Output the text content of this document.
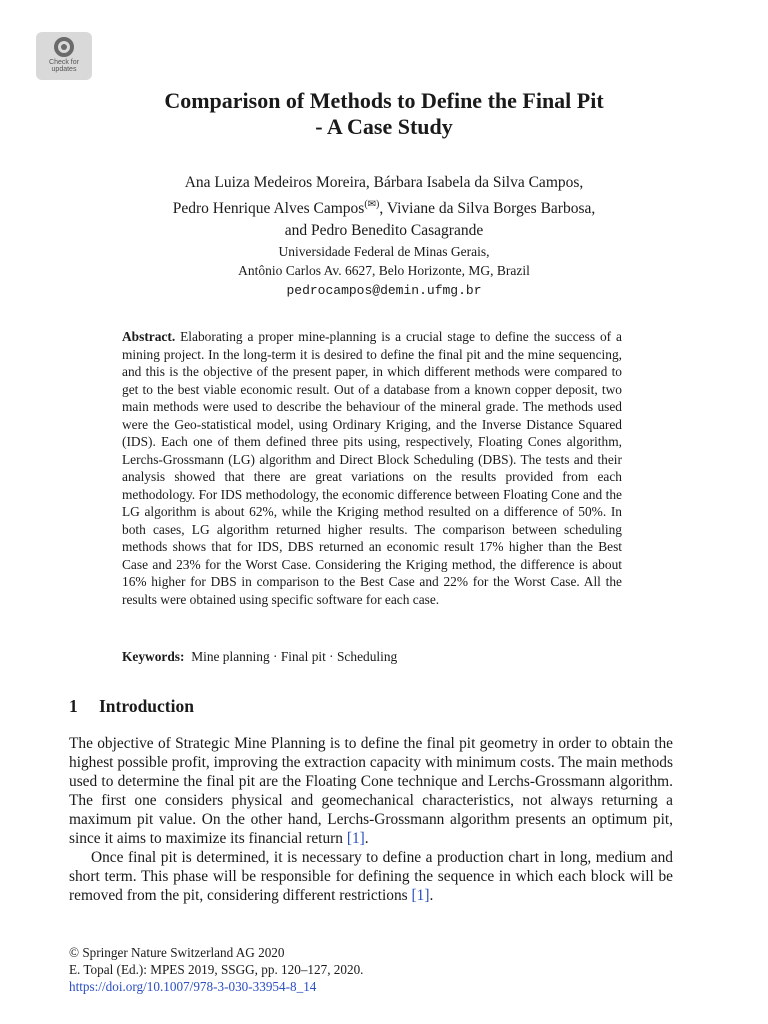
Check for
updates
Comparison of Methods to Define the Final Pit
- A Case Study
Ana Luiza Medeiros Moreira, Bárbara Isabela da Silva Campos,
Pedro Henrique Alves Campos(✉), Viviane da Silva Borges Barbosa,
and Pedro Benedito Casagrande
Universidade Federal de Minas Gerais,
Antônio Carlos Av. 6627, Belo Horizonte, MG, Brazil
pedrocampos@demin.ufmg.br
Abstract. Elaborating a proper mine-planning is a crucial stage to define the success of a mining project. In the long-term it is desired to define the final pit and the mine sequencing, and this is the objective of the present paper, in which different methods were compared to get to the best viable economic result. Out of a database from a known copper deposit, two main methods were used to describe the behaviour of the mineral grade. The methods used were the Geo-statistical model, using Ordinary Kriging, and the Inverse Distance Squared (IDS). Each one of them defined three pits using, respectively, Floating Cones algorithm, Lerchs-Grossmann (LG) algorithm and Direct Block Scheduling (DBS). The tests and their analysis showed that there are great variations on the results provided from each methodology. For IDS methodology, the economic difference between Floating Cone and the LG algorithm is about 62%, while the Kriging method resulted on a difference of 50%. In both cases, LG algorithm returned higher results. The comparison between scheduling methods shows that for IDS, DBS returned an economic result 17% higher than the Best Case and 23% for the Worst Case. Considering the Kriging method, the difference is about 16% higher for DBS in comparison to the Best Case and 22% for the Worst Case. All the results were obtained using specific software for each case.
Keywords: Mine planning · Final pit · Scheduling
1 Introduction

The objective of Strategic Mine Planning is to define the final pit geometry in order to obtain the highest possible profit, improving the extraction capacity with minimum costs. The main methods used to determine the final pit are the Floating Cone technique and Lerchs-Grossmann algorithm. The first one considers physical and geomechanical characteristics, not always returning a maximum pit value. On the other hand, Lerchs-Grossmann algorithm presents an optimum pit, since it aims to maximize its financial return [1].

Once final pit is determined, it is necessary to define a production chart in long, medium and short term. This phase will be responsible for defining the sequence in which each block will be removed from the pit, considering different restrictions [1].

© Springer Nature Switzerland AG 2020
E. Topal (Ed.): MPES 2019, SSGG, pp. 120–127, 2020.
https://doi.org/10.1007/978-3-030-33954-8_14
